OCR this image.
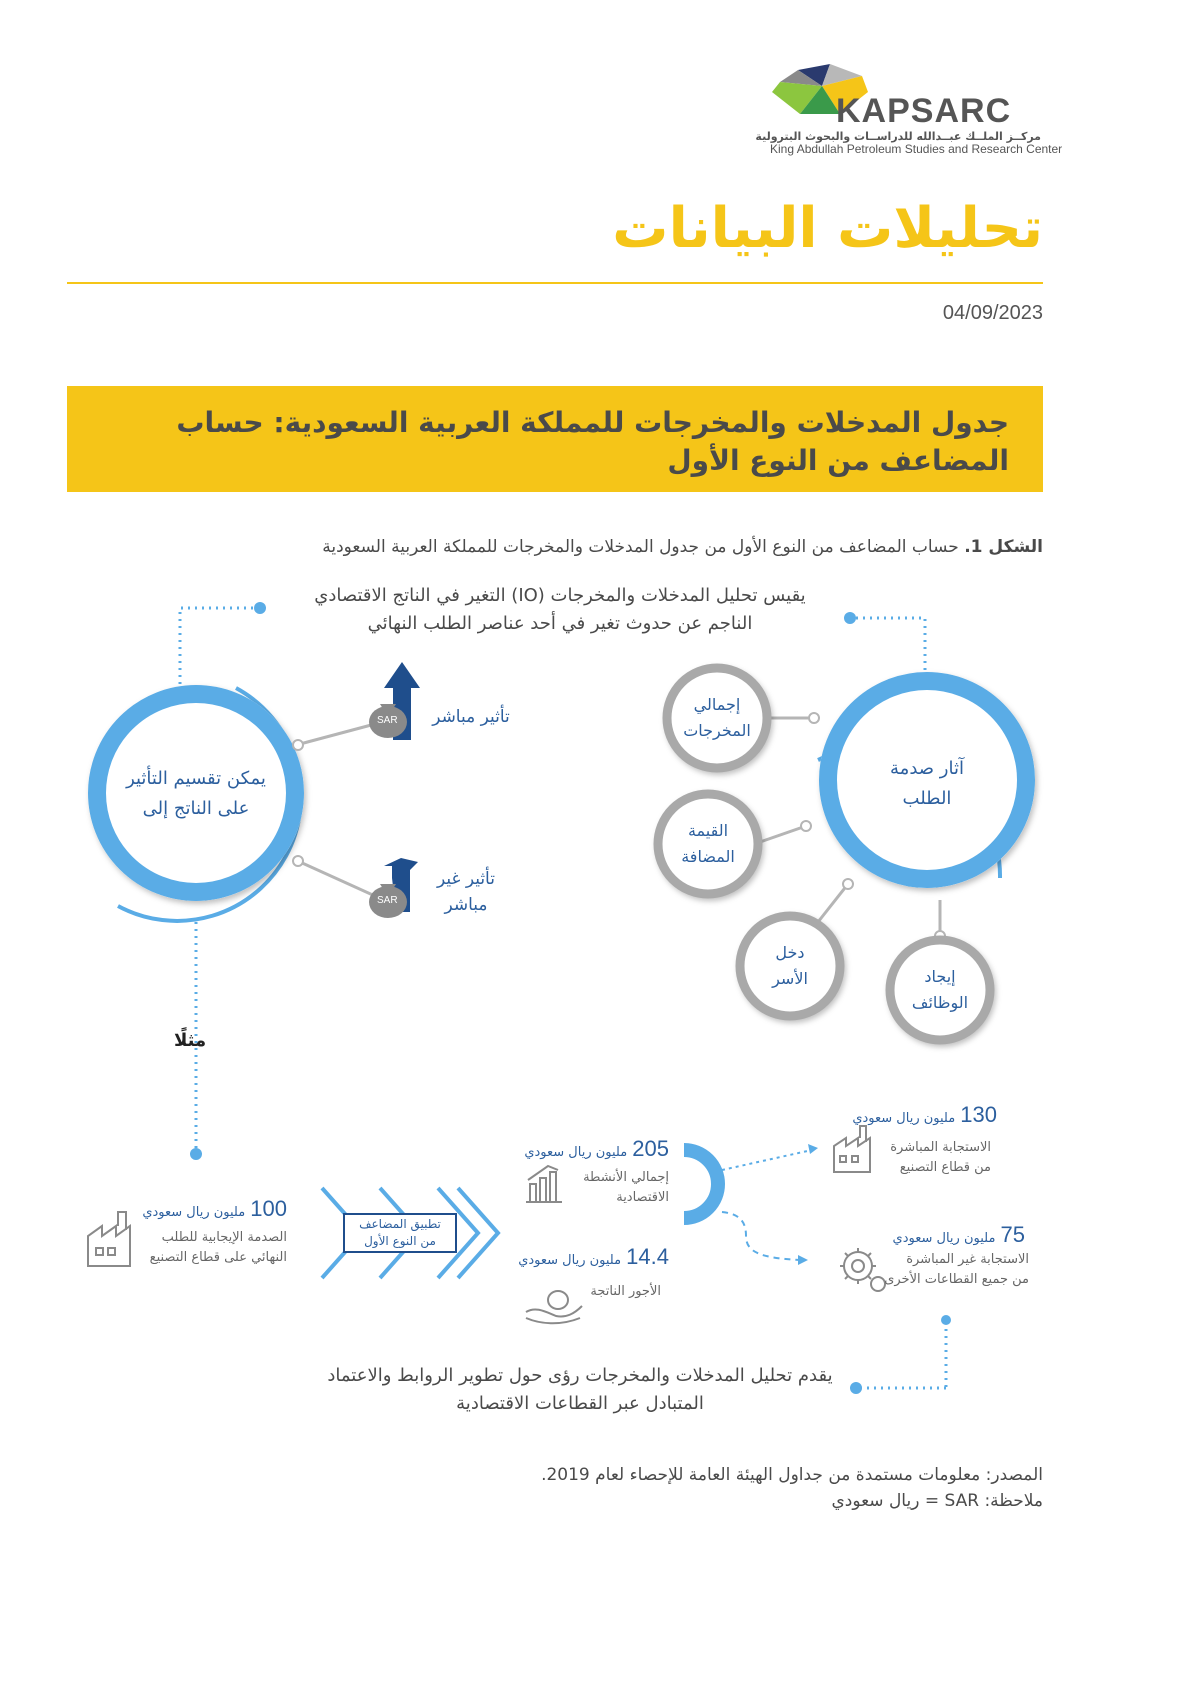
KAPSARC
مركــز الملــك عبــدالله للدراســات والبحوث البترولية
King Abdullah Petroleum Studies and Research Center
تحليلات البيانات
04/09/2023
جدول المدخلات والمخرجات للمملكة العربية السعودية: حساب
المضاعف من النوع الأول
الشكل 1. حساب المضاعف من النوع الأول من جدول المدخلات والمخرجات للمملكة العربية السعودية
يقيس تحليل المدخلات والمخرجات (IO) التغير في الناتج الاقتصادي
الناجم عن حدوث تغير في أحد عناصر الطلب النهائي
SAR
SAR
يمكن تقسيم التأثير
على الناتج إلى
تأثير مباشر
تأثير غير
مباشر
آثار صدمة
الطلب
إجمالي
المخرجات
القيمة
المضافة
دخل
الأسر	إيجاد
الوظائف
مثلًا
100 مليون ريال سعودي
الصدمة الإيجابية للطلب
النهائي على قطاع التصنيع
تطبيق المضاعف
من النوع الأول
205 مليون ريال سعودي
إجمالي الأنشطة
الاقتصادية
14.4 مليون ريال سعودي
الأجور الناتجة
130 مليون ريال سعودي
الاستجابة المباشرة
من قطاع التصنيع
75 مليون ريال سعودي
الاستجابة غير المباشرة
من جميع القطاعات الأخرى
يقدم تحليل المدخلات والمخرجات رؤى حول تطوير الروابط والاعتماد
المتبادل عبر القطاعات الاقتصادية
المصدر: معلومات مستمدة من جداول الهيئة العامة للإحصاء لعام 2019.
ملاحظة: SAR = ريال سعودي
